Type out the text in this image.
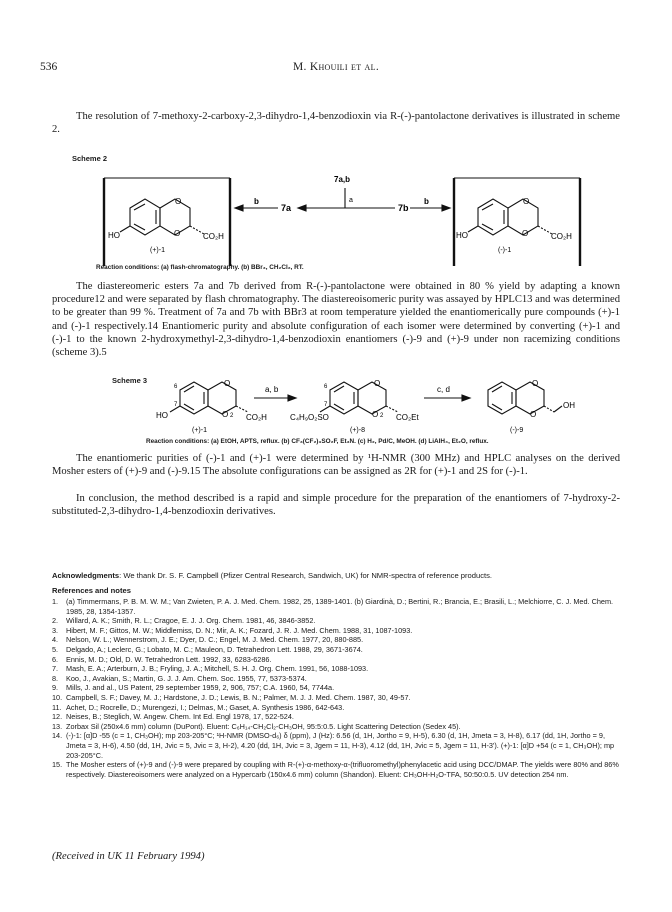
536	M. Khouili et al.

The resolution of 7-methoxy-2-carboxy-2,3-dihydro-1,4-benzodioxin via R-(-)-pantolactone derivatives is illustrated in scheme 2.

Scheme 2
O
O
HO	CO₂H
(+)-1
O
O
HO	CO₂H
(-)-1
7a,b
a
b
7a	7b
b
Reaction conditions: (a) flash-chromatography. (b) BBr₃, CH₂Cl₂, RT.

The diastereomeric esters 7a and 7b derived from R-(-)-pantolactone were obtained in 80 % yield by adapting a known procedure12 and were separated by flash chromatography. The diastereoisomeric purity was assayed by HPLC13 and was determined to be greater than 99 %. Treatment of 7a and 7b with BBr3 at room temperature yielded the enantiomerically pure compounds (+)-1 and (-)-1 respectively.14 Enantiomeric purity and absolute configuration of each isomer were determined by converting (+)-1 and (-)-1 to the known 2-hydroxymethyl-2,3-dihydro-1,4-benzodioxin enantiomers (-)-9 and (+)-9 under non racemizing conditions (scheme 3).5

Scheme 3
6
7
O
O 2
HO	CO₂H
(+)-1
a, b	6
7
O
O 2
C₄H₉O₂SO	CO₂Et
(+)-8
c, d
O
O
OH
(-)-9
Reaction conditions: (a) EtOH, APTS, reflux. (b) CF₃(CF₂)₃SO₂F, Et₃N. (c) H₂, Pd/C, MeOH. (d) LiAlH₄, Et₂O, reflux.

The enantiomeric purities of (-)-1 and (+)-1 were determined by ¹H-NMR (300 MHz) and HPLC analyses on the derived Mosher esters of (+)-9 and (-)-9.15 The absolute configurations can be assigned as 2R for (+)-1 and 2S for (-)-1.

In conclusion, the method described is a rapid and simple procedure for the preparation of the enantiomers of 7-hydroxy-2-substituted-2,3-dihydro-1,4-benzodioxin derivatives.

Acknowledgments: We thank Dr. S. F. Campbell (Pfizer Central Research, Sandwich, UK) for NMR-spectra of reference products.
References and notes
1.	(a) Timmermans, P. B. M. W. M.; Van Zwieten, P. A. J. Med. Chem. 1982, 25, 1389-1401. (b) Giardinà, D.; Bertini, R.; Brancia, E.; Brasili, L.; Melchiorre, C. J. Med. Chem. 1985, 28, 1354-1357.
2.	Willard, A. K.; Smith, R. L.; Cragoe, E. J. J. Org. Chem. 1981, 46, 3846-3852.
3.	Hibert, M. F.; Gittos, M. W.; Middlemiss, D. N.; Mir, A. K.; Fozard, J. R. J. Med. Chem. 1988, 31, 1087-1093.
4.	Nelson, W. L.; Wennerstrom, J. E.; Dyer, D. C.; Engel, M. J. Med. Chem. 1977, 20, 880-885.
5.	Delgado, A.; Leclerc, G.; Lobato, M. C.; Mauleon, D. Tetrahedron Lett. 1988, 29, 3671-3674.
6.	Ennis, M. D.; Old, D. W. Tetrahedron Lett. 1992, 33, 6283-6286.
7.	Mash, E. A.; Arterburn, J. B.; Fryling, J. A.; Mitchell, S. H. J. Org. Chem. 1991, 56, 1088-1093.
8.	Koo, J., Avakian, S.; Martin, G. J. J. Am. Chem. Soc. 1955, 77, 5373-5374.
9.	Mills, J. and al., US Patent, 29 september 1959, 2, 906, 757; C.A. 1960, 54, 7744a.
10. Campbell, S. F.; Davey, M. J.; Hardstone, J. D.; Lewis, B. N.; Palmer, M. J. J. Med. Chem. 1987, 30, 49-57.
11. Achet, D.; Rocrelle, D.; Murengezi, I.; Delmas, M.; Gaset, A. Synthesis 1986, 642-643.
12. Neises, B.; Steglich, W. Angew. Chem. Int Ed. Engl 1978, 17, 522-524.
13. Zorbax Sil (250x4.6 mm) column (DuPont). Eluent: C₆H₁₄-CH₂Cl₂-CH₃OH, 95:5:0.5. Light Scattering Detection (Sedex 45).
14. (-)-1: [α]D -55 (c = 1, CH₃OH); mp 203-205°C; ¹H-NMR (DMSO-d₆) δ (ppm), J (Hz): 6.56 (d, 1H, Jortho = 9, H-5), 6.30 (d, 1H, Jmeta = 3, H-8), 6.17 (dd, 1H, Jortho = 9, Jmeta = 3, H-6), 4.50 (dd, 1H, Jvic = 5, Jvic = 3, H-2), 4.20 (dd, 1H, Jvic = 3, Jgem = 11, H-3), 4.12 (dd, 1H, Jvic = 5, Jgem = 11, H-3'). (+)-1: [α]D +54 (c = 1, CH₃OH); mp 203-205°C.
15. The Mosher esters of (+)-9 and (-)-9 were prepared by coupling with R-(+)-α-methoxy-α-(trifluoromethyl)phenylacetic acid using DCC/DMAP. The yields were 80% and 86% respectively. Diastereoisomers were analyzed on a Hypercarb (150x4.6 mm) column (Shandon). Eluent: CH₃OH-H₂O-TFA, 50:50:0.5. UV detection 254 nm.
(Received in UK 11 February 1994)
